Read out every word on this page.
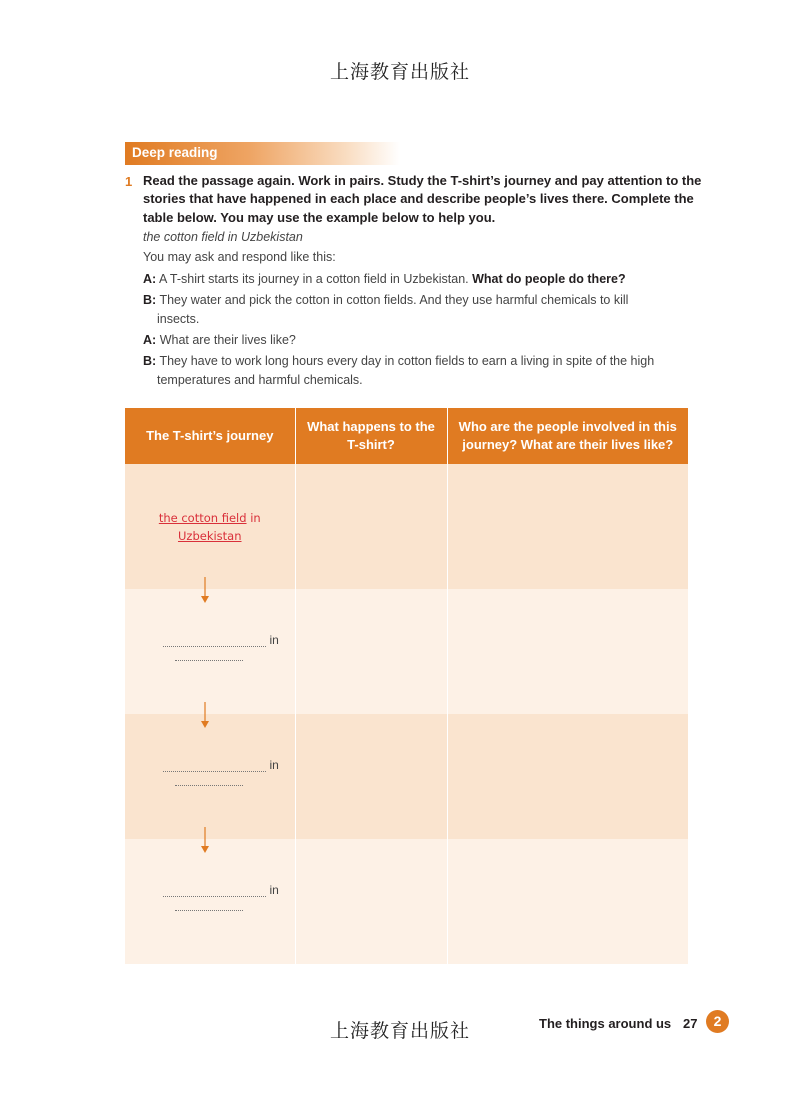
上海教育出版社
Deep reading
1 Read the passage again. Work in pairs. Study the T-shirt’s journey and pay attention to the stories that have happened in each place and describe people’s lives there. Complete the table below. You may use the example below to help you.
the cotton field in Uzbekistan
You may ask and respond like this:
A: A T-shirt starts its journey in a cotton field in Uzbekistan. What do people do there?
B: They water and pick the cotton in cotton fields. And they use harmful chemicals to kill
insects.
A: What are their lives like?
B: They have to work long hours every day in cotton fields to earn a living in spite of the high
temperatures and harmful chemicals.
The T-shirt’s journey	What happens to the T-shirt?	Who are the people involved in this journey? What are their lives like?

the cotton field in
Uzbekistan		

in		

in		

in		

上海教育出版社	The things around us 27	2
